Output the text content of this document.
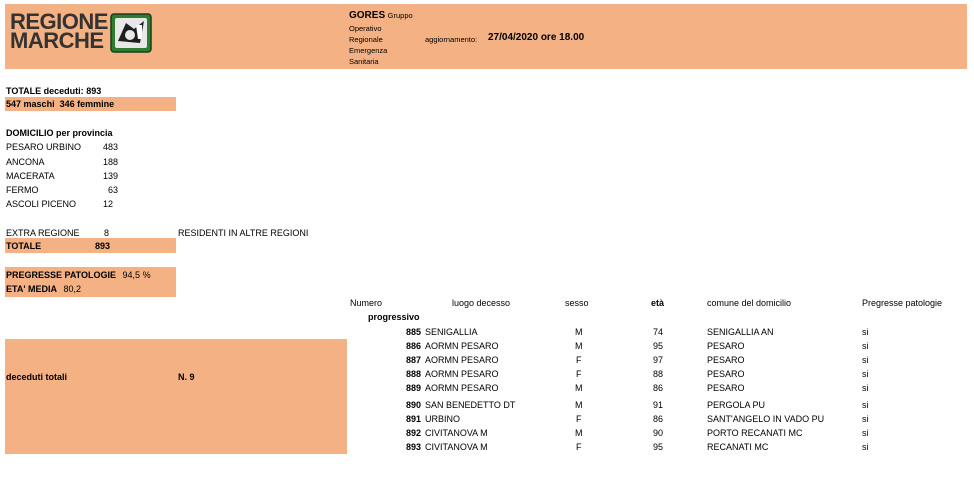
REGIONE
MARCHE
GORES Gruppo
Operativo
Regionale
Emergenza
Sanitaria
aggiornamento: 27/04/2020 ore 18.00
TOTALE deceduti: 893
547 maschi 346 femmine
DOMICILIO per provincia
PESARO URBINO	483
ANCONA	188
MACERATA	139
FERMO	63
ASCOLI PICENO	12
EXTRA REGIONE	8	RESIDENTI IN ALTRE REGIONI
TOTALE	893
PREGRESSE PATOLOGIE 94,5 %
ETA' MEDIA 80,2
deceduti totali	N. 9
Numero
progressivo
luogo decesso	sesso	età	comune del domicilio	Pregresse patologie
885 SENIGALLIA	M	74	SENIGALLIA AN	si
886 AORMN PESARO	M	95	PESARO	si
887 AORMN PESARO	F	97	PESARO	si
888 AORMN PESARO	F	88	PESARO	si
889 AORMN PESARO	M	86	PESARO	si
890 SAN BENEDETTO DT	M	91	PERGOLA PU	si
891 URBINO	F	86	SANT'ANGELO IN VADO PU	si
892 CIVITANOVA M	M	90	PORTO RECANATI MC	si
893 CIVITANOVA M	F	95	RECANATI MC	si
